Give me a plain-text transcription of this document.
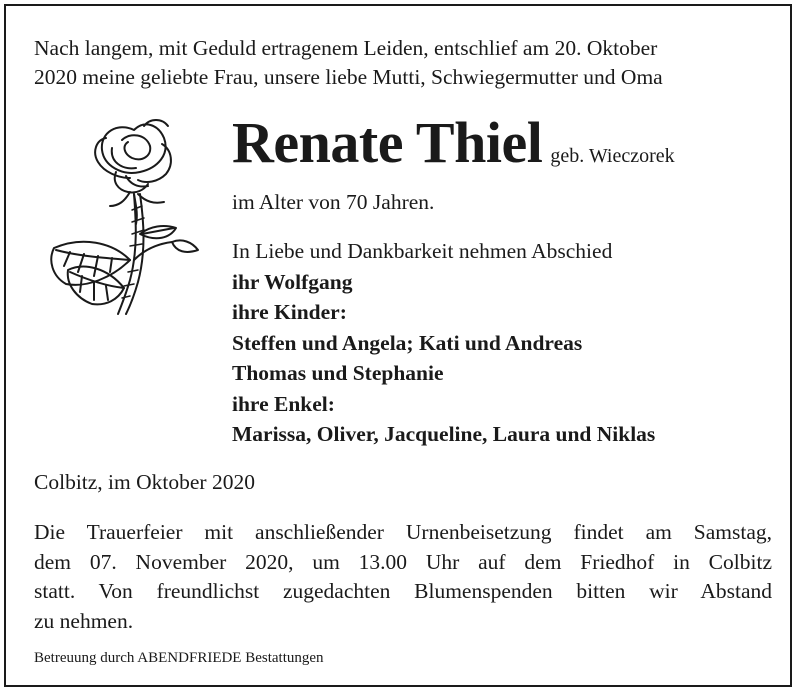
Nach langem, mit Geduld ertragenem Leiden, entschlief am 20. Oktober
2020 meine geliebte Frau, unsere liebe Mutti, Schwiegermutter und Oma
Renate Thiel geb. Wieczorek
im Alter von 70 Jahren.
In Liebe und Dankbarkeit nehmen Abschied
ihr Wolfgang
ihre Kinder:
Steffen und Angela; Kati und Andreas
Thomas und Stephanie
ihre Enkel:
Marissa, Oliver, Jacqueline, Laura und Niklas
Colbitz, im Oktober 2020
Die Trauerfeier mit anschließender Urnenbeisetzung findet am Samstag,
dem 07. November 2020, um 13.00 Uhr auf dem Friedhof in Colbitz
statt. Von freundlichst zugedachten Blumenspenden bitten wir Abstand
zu nehmen.
Betreuung durch ABENDFRIEDE Bestattungen
